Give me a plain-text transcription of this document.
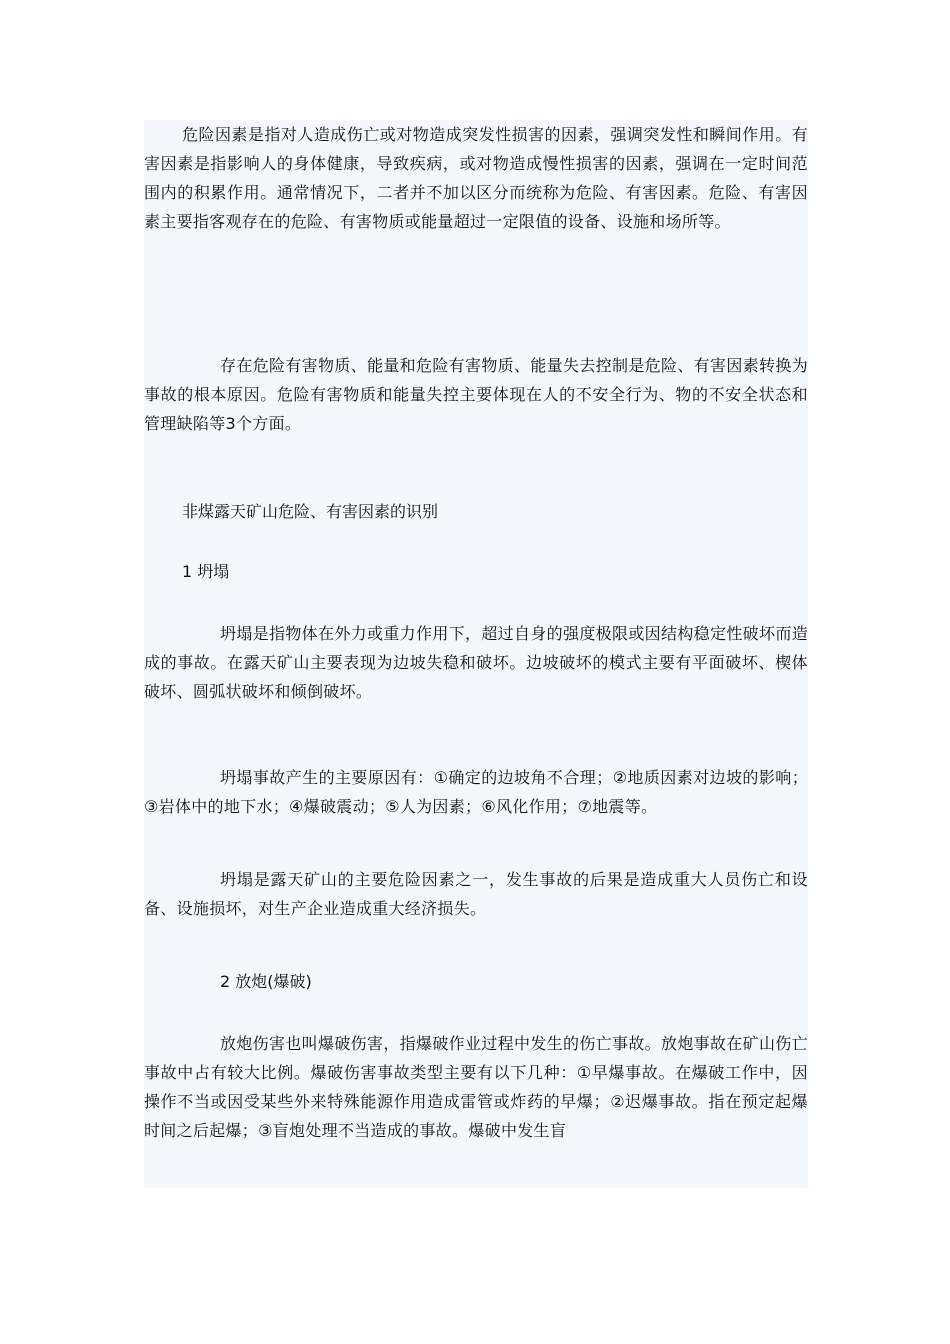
危险因素是指对人造成伤亡或对物造成突发性损害的因素，强调突发性和瞬间作用。有害因素是指影响人的身体健康，导致疾病，或对物造成慢性损害的因素，强调在一定时间范围内的积累作用。通常情况下，二者并不加以区分而统称为危险、有害因素。危险、有害因素主要指客观存在的危险、有害物质或能量超过一定限值的设备、设施和场所等。

存在危险有害物质、能量和危险有害物质、能量失去控制是危险、有害因素转换为事故的根本原因。危险有害物质和能量失控主要体现在人的不安全行为、物的不安全状态和管理缺陷等3个方面。

非煤露天矿山危险、有害因素的识别

1 坍塌

坍塌是指物体在外力或重力作用下，超过自身的强度极限或因结构稳定性破坏而造成的事故。在露天矿山主要表现为边坡失稳和破坏。边坡破坏的模式主要有平面破坏、楔体破坏、圆弧状破坏和倾倒破坏。

坍塌事故产生的主要原因有：①确定的边坡角不合理；②地质因素对边坡的影响；③岩体中的地下水；④爆破震动；⑤人为因素；⑥风化作用；⑦地震等。

坍塌是露天矿山的主要危险因素之一，发生事故的后果是造成重大人员伤亡和设备、设施损坏，对生产企业造成重大经济损失。

2 放炮(爆破)

放炮伤害也叫爆破伤害，指爆破作业过程中发生的伤亡事故。放炮事故在矿山伤亡事故中占有较大比例。爆破伤害事故类型主要有以下几种：①早爆事故。在爆破工作中，因操作不当或因受某些外来特殊能源作用造成雷管或炸药的早爆；②迟爆事故。指在预定起爆时间之后起爆；③盲炮处理不当造成的事故。爆破中发生盲
